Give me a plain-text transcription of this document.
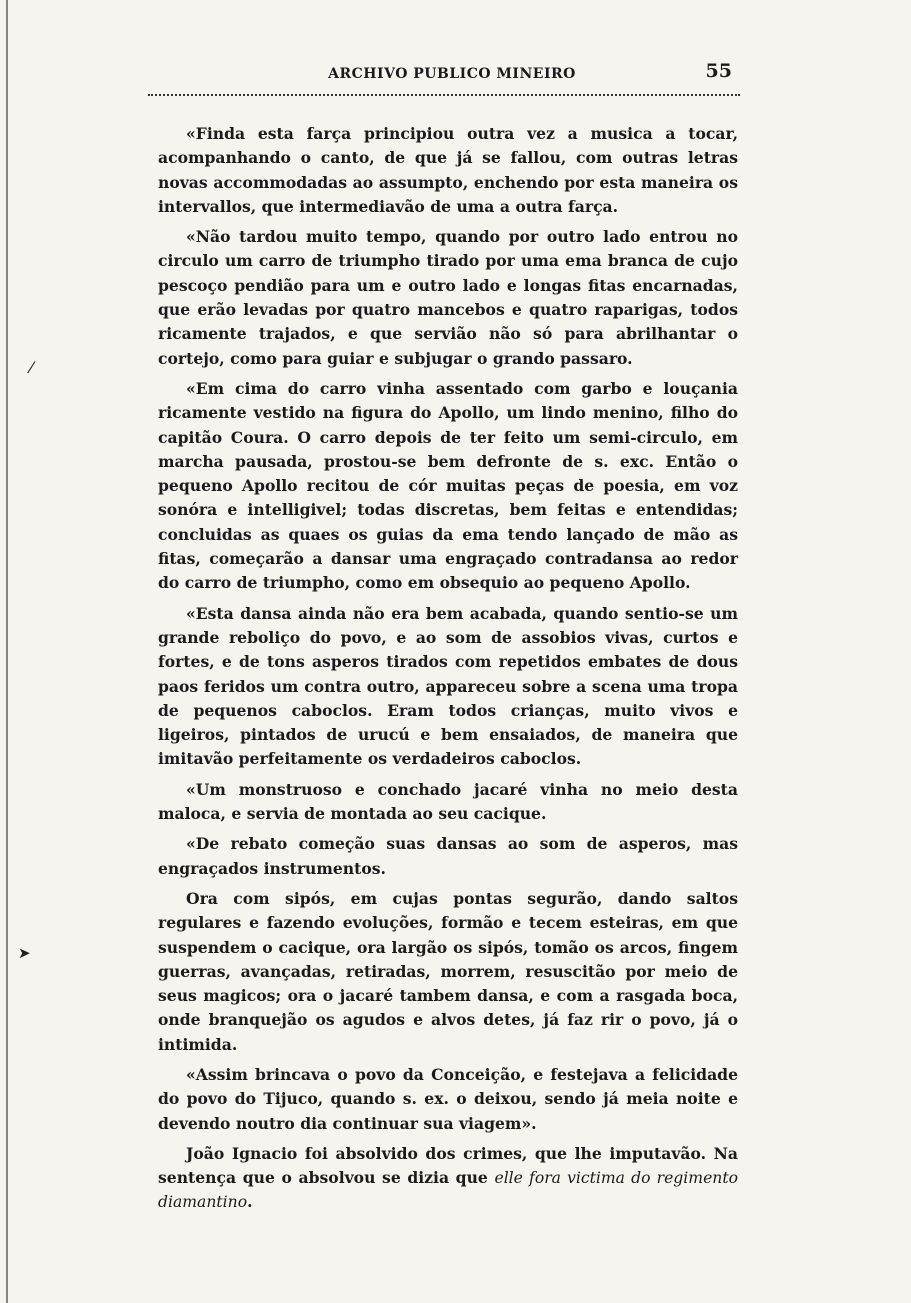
ARCHIVO PUBLICO MINEIRO	55

«Finda esta farça principiou outra vez a musica a tocar, acompanhando o canto, de que já se fallou, com outras letras novas accommodadas ao assumpto, enchendo por esta maneira os intervallos, que intermediavão de uma a outra farça.

«Não tardou muito tempo, quando por outro lado entrou no circulo um carro de triumpho tirado por uma ema branca de cujo pescoço pendião para um e outro lado e longas fitas encarnadas, que erão levadas por quatro mancebos e quatro raparigas, todos ricamente trajados, e que servião não só para abrilhantar o cortejo, como para guiar e subjugar o grando passaro.

«Em cima do carro vinha assentado com garbo e louçania ricamente vestido na figura do Apollo, um lindo menino, filho do capitão Coura. O carro depois de ter feito um semi-circulo, em marcha pausada, prostou-se bem defronte de s. exc. Então o pequeno Apollo recitou de cór muitas peças de poesia, em voz sonóra e intelligivel; todas discretas, bem feitas e entendidas; concluidas as quaes os guias da ema tendo lançado de mão as fitas, começarão a dansar uma engraçado contradansa ao redor do carro de triumpho, como em obsequio ao pequeno Apollo.

«Esta dansa ainda não era bem acabada, quando sentio-se um grande reboliço do povo, e ao som de assobios vivas, curtos e fortes, e de tons asperos tirados com repetidos embates de dous paos feridos um contra outro, appareceu sobre a scena uma tropa de pequenos caboclos. Eram todos crianças, muito vivos e ligeiros, pintados de urucú e bem ensaiados, de maneira que imitavão perfeitamente os verdadeiros caboclos.

«Um monstruoso e conchado jacaré vinha no meio desta maloca, e servia de montada ao seu cacique.

«De rebato começão suas dansas ao som de asperos, mas engraçados instrumentos.

Ora com sipós, em cujas pontas segurão, dando saltos regulares e fazendo evoluções, formão e tecem esteiras, em que suspendem o cacique, ora largão os sipós, tomão os arcos, fingem guerras, avançadas, retiradas, morrem, resuscitão por meio de seus magicos; ora o jacaré tambem dansa, e com a rasgada boca, onde branquejão os agudos e alvos detes, já faz rir o povo, já o intimida.

«Assim brincava o povo da Conceição, e festejava a felicidade do povo do Tijuco, quando s. ex. o deixou, sendo já meia noite e devendo noutro dia continuar sua viagem».

João Ignacio foi absolvido dos crimes, que lhe imputavão. Na sentença que o absolvou se dizia que elle fora victima do regimento diamantino.

⁄
➤
